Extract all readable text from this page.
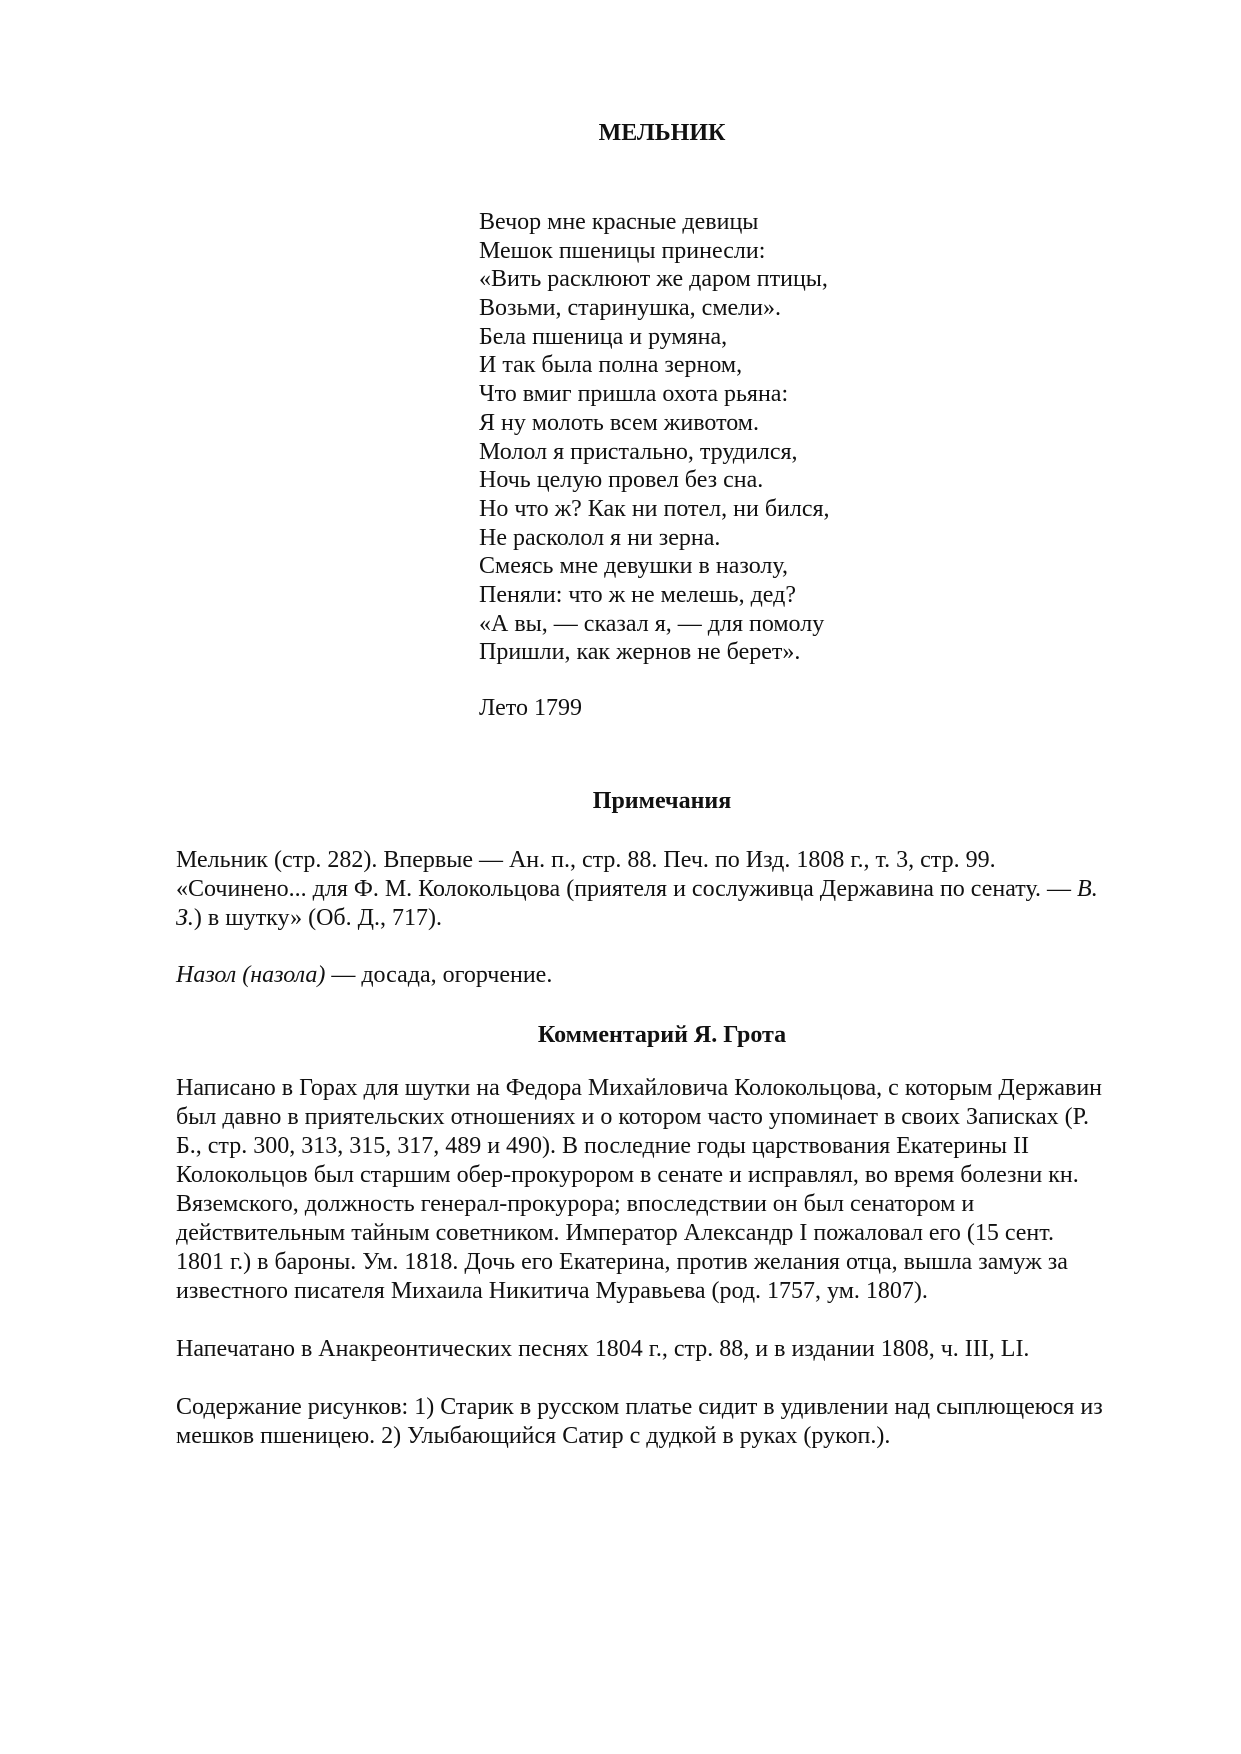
МЕЛЬНИК
Вечор мне красные девицы
Мешок пшеницы принесли:
«Вить расклюют же даром птицы,
Возьми, старинушка, смели».
Бела пшеница и румяна,
И так была полна зерном,
Что вмиг пришла охота рьяна:
Я ну молоть всем животом.
Молол я пристально, трудился,
Ночь целую провел без сна.
Но что ж? Как ни потел, ни бился,
Не расколол я ни зерна.
Смеясь мне девушки в назолу,
Пеняли: что ж не мелешь, дед?
«А вы, — сказал я, — для помолу
Пришли, как жернов не берет».

Лето 1799

Примечания

Мельник (стр. 282). Впервые — Ан. п., стр. 88. Печ. по Изд. 1808 г., т. 3, стр. 99.
«Сочинено... для Ф. М. Колокольцова (приятеля и сослуживца Державина по сенату. — В.
З.) в шутку» (Об. Д., 717).

Назол (назола) — досада, огорчение.

Комментарий Я. Грота

Написано в Горах для шутки на Федора Михайловича Колокольцова, с которым Державин
был давно в приятельских отношениях и о котором часто упоминает в своих Записках (Р.
Б., стр. 300, 313, 315, 317, 489 и 490). В последние годы царствования Екатерины II
Колокольцов был старшим обер-прокурором в сенате и исправлял, во время болезни кн.
Вяземского, должность генерал-прокурора; впоследствии он был сенатором и
действительным тайным советником. Император Александр I пожаловал его (15 сент.
1801 г.) в бароны. Ум. 1818. Дочь его Екатерина, против желания отца, вышла замуж за
известного писателя Михаила Никитича Муравьева (род. 1757, ум. 1807).

Напечатано в Анакреонтических песнях 1804 г., стр. 88, и в издании 1808, ч. III, LI.

Содержание рисунков: 1) Старик в русском платье сидит в удивлении над сыплющеюся из
мешков пшеницею. 2) Улыбающийся Сатир с дудкой в руках (рукоп.).
